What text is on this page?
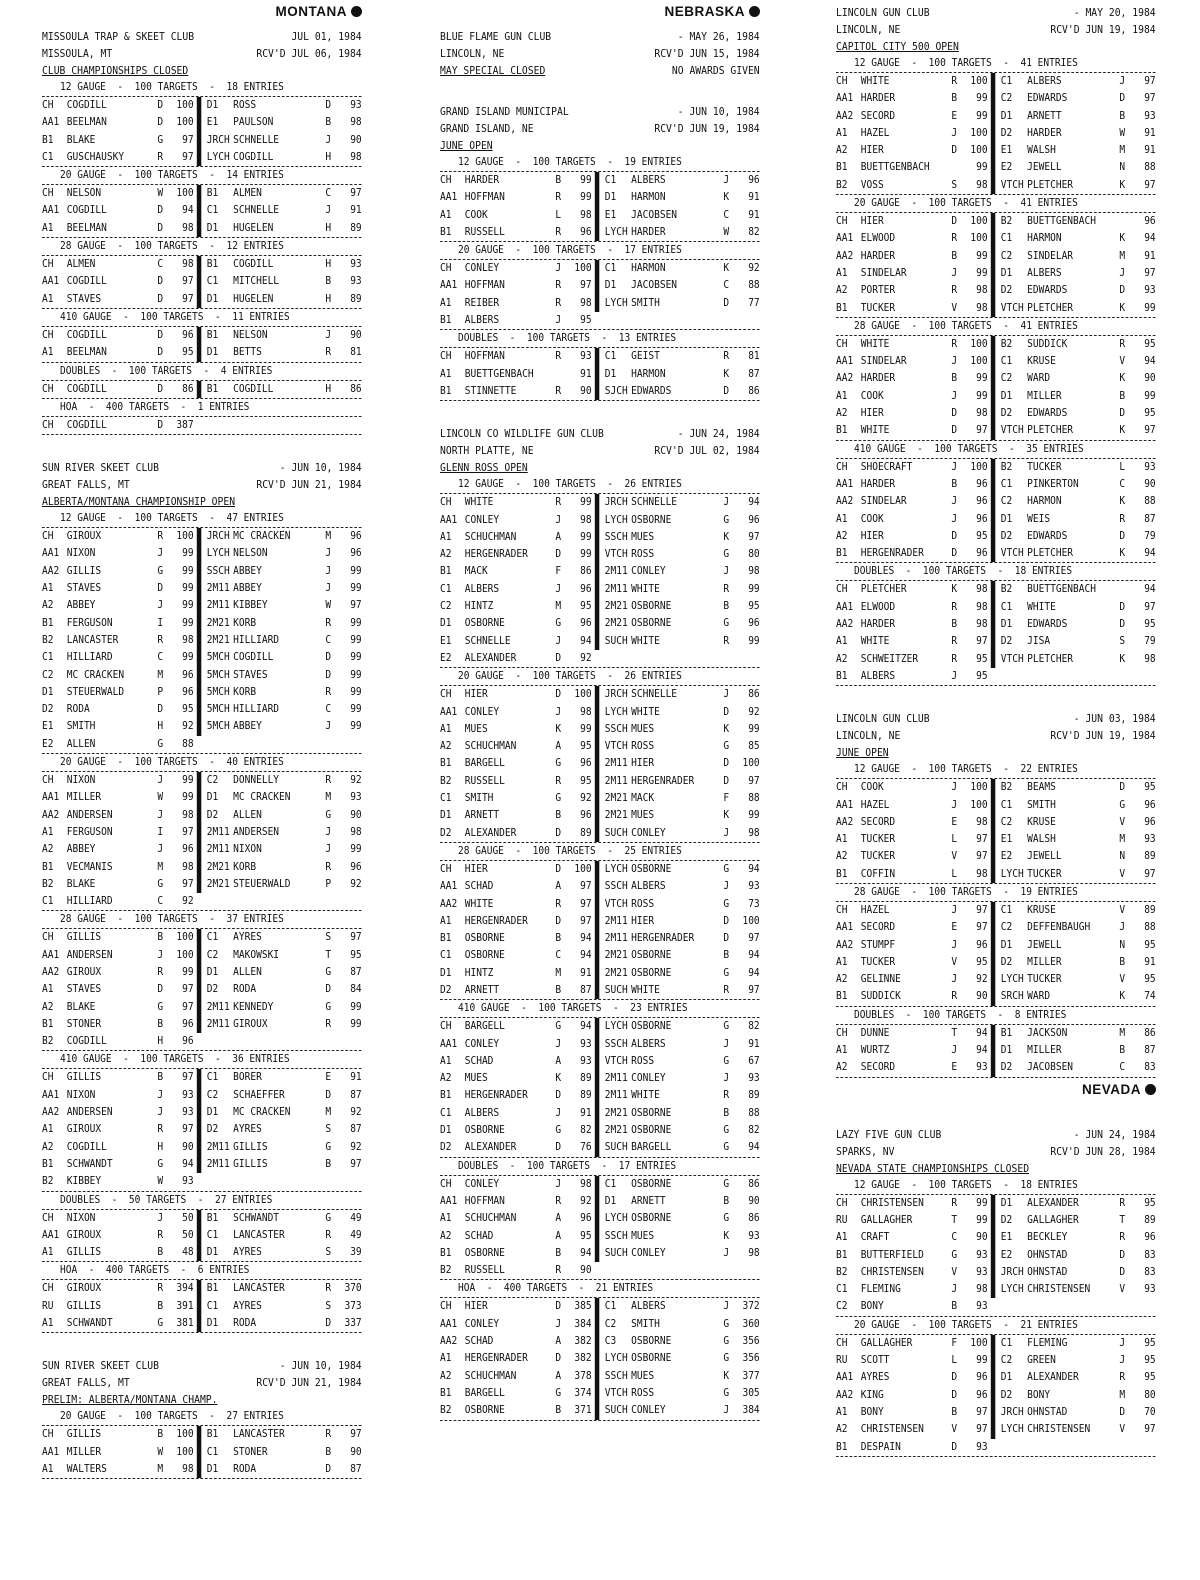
MONTANA
MISSOULA TRAP & SKEET CLUB	JUL 01, 1984
MISSOULA, MT	RCV'D JUL 06, 1984
CLUB CHAMPIONSHIPS CLOSED
12 GAUGE  -  100 TARGETS  -  18 ENTRIES
CH	COGDILL	D	100 D1	ROSS	D	93
AA1 BEELMAN	D	100 E1	PAULSON	B	98
B1	BLAKE	G	97 JRCH SCHNELLE	J	90
C1	GUSCHAUSKY	R	97 LYCH COGDILL	H	98
20 GAUGE  -  100 TARGETS  -  14 ENTRIES
CH	NELSON	W	100 B1	ALMEN	C	97
AA1 COGDILL	D	94 C1	SCHNELLE	J	91
A1	BEELMAN	D	98 D1	HUGELEN	H	89
28 GAUGE  -  100 TARGETS  -  12 ENTRIES
CH	ALMEN	C	98 B1	COGDILL	H	93
AA1 COGDILL	D	97 C1	MITCHELL	B	93
A1	STAVES	D	97 D1	HUGELEN	H	89
410 GAUGE  -  100 TARGETS  -  11 ENTRIES
CH	COGDILL	D	96 B1	NELSON	J	90
A1	BEELMAN	D	95 D1	BETTS	R	81
DOUBLES  -  100 TARGETS  -  4 ENTRIES
CH	COGDILL	D	86 B1	COGDILL	H	86
HOA  -  400 TARGETS  -  1 ENTRIES
CH	COGDILL	D	387
SUN RIVER SKEET CLUB	- JUN 10, 1984
GREAT FALLS, MT	RCV'D JUN 21, 1984
ALBERTA/MONTANA CHAMPIONSHIP OPEN
12 GAUGE  -  100 TARGETS  -  47 ENTRIES
CH	GIROUX	R	100 JRCH MC CRACKEN	M	96
AA1 NIXON	J	99 LYCH NELSON	J	96
AA2 GILLIS	G	99 SSCH ABBEY	J	99
A1	STAVES	D	99 2M11 ABBEY	J	99
A2	ABBEY	J	99 2M11 KIBBEY	W	97
B1	FERGUSON	I	99 2M21 KORB	R	99
B2	LANCASTER	R	98 2M21 HILLIARD	C	99
C1	HILLIARD	C	99 5MCH COGDILL	D	99
C2	MC CRACKEN	M	96 5MCH STAVES	D	99
D1	STEUERWALD	P	96 5MCH KORB	R	99
D2	RODA	D	95 5MCH HILLIARD	C	99
E1	SMITH	H	92 5MCH ABBEY	J	99
E2	ALLEN	G	88
20 GAUGE  -  100 TARGETS  -  40 ENTRIES
CH	NIXON	J	99 C2	DONNELLY	R	92
AA1 MILLER	W	99 D1	MC CRACKEN	M	93
AA2 ANDERSEN	J	98 D2	ALLEN	G	90
A1	FERGUSON	I	97 2M11 ANDERSEN	J	98
A2	ABBEY	J	96 2M11 NIXON	J	99
B1	VECMANIS	M	98 2M21 KORB	R	96
B2	BLAKE	G	97 2M21 STEUERWALD	P	92
C1	HILLIARD	C	92
28 GAUGE  -  100 TARGETS  -  37 ENTRIES
CH	GILLIS	B	100 C1	AYRES	S	97
AA1 ANDERSEN	J	100 C2	MAKOWSKI	T	95
AA2 GIROUX	R	99 D1	ALLEN	G	87
A1	STAVES	D	97 D2	RODA	D	84
A2	BLAKE	G	97 2M11 KENNEDY	G	99
B1	STONER	B	96 2M11 GIROUX	R	99
B2	COGDILL	H	96
410 GAUGE  -  100 TARGETS  -  36 ENTRIES
CH	GILLIS	B	97 C1	BORER	E	91
AA1 NIXON	J	93 C2	SCHAEFFER	D	87
AA2 ANDERSEN	J	93 D1	MC CRACKEN	M	92
A1	GIROUX	R	97 D2	AYRES	S	87
A2	COGDILL	H	90 2M11 GILLIS	G	92
B1	SCHWANDT	G	94 2M11 GILLIS	B	97
B2	KIBBEY	W	93
DOUBLES  -  50 TARGETS  -  27 ENTRIES
CH	NIXON	J	50 B1	SCHWANDT	G	49
AA1 GIROUX	R	50 C1	LANCASTER	R	49
A1	GILLIS	B	48 D1	AYRES	S	39
HOA  -  400 TARGETS  -  6 ENTRIES
CH	GIROUX	R	394 B1	LANCASTER	R	370
RU	GILLIS	B	391 C1	AYRES	S	373
A1	SCHWANDT	G	381 D1	RODA	D	337
SUN RIVER SKEET CLUB	- JUN 10, 1984
GREAT FALLS, MT	RCV'D JUN 21, 1984
PRELIM: ALBERTA/MONTANA CHAMP.
20 GAUGE  -  100 TARGETS  -  27 ENTRIES
CH	GILLIS	B	100 B1	LANCASTER	R	97
AA1 MILLER	W	100 C1	STONER	B	90
A1	WALTERS	M	98 D1	RODA	D	87
NEBRASKA
BLUE FLAME GUN CLUB	- MAY 26, 1984
LINCOLN, NE	RCV'D JUN 15, 1984
MAY SPECIAL CLOSED	NO AWARDS GIVEN
GRAND ISLAND MUNICIPAL	- JUN 10, 1984
GRAND ISLAND, NE	RCV'D JUN 19, 1984
JUNE OPEN
12 GAUGE  -  100 TARGETS  -  19 ENTRIES
CH	HARDER	B	99 C1	ALBERS	J	96
AA1 HOFFMAN	R	99 D1	HARMON	K	91
A1	COOK	L	98 E1	JACOBSEN	C	91
B1	RUSSELL	R	96 LYCH HARDER	W	82
20 GAUGE  -  100 TARGETS  -  17 ENTRIES
CH	CONLEY	J	100 C1	HARMON	K	92
AA1 HOFFMAN	R	97 D1	JACOBSEN	C	88
A1	REIBER	R	98 LYCH SMITH	D	77
B1	ALBERS	J	95
DOUBLES  -  100 TARGETS  -  13 ENTRIES
CH	HOFFMAN	R	93 C1	GEIST	R	81
A1	BUETTGENBACH	91 D1	HARMON	K	87
B1	STINNETTE	R	90 SJCH EDWARDS	D	86
LINCOLN CO WILDLIFE GUN CLUB	- JUN 24, 1984
NORTH PLATTE, NE	RCV'D JUL 02, 1984
GLENN ROSS OPEN
12 GAUGE  -  100 TARGETS  -  26 ENTRIES
CH	WHITE	R	99 JRCH SCHNELLE	J	94
AA1 CONLEY	J	98 LYCH OSBORNE	G	96
A1	SCHUCHMAN	A	99 SSCH MUES	K	97
A2	HERGENRADER	D	99 VTCH ROSS	G	80
B1	MACK	F	86 2M11 CONLEY	J	98
C1	ALBERS	J	96 2M11 WHITE	R	99
C2	HINTZ	M	95 2M21 OSBORNE	B	95
D1	OSBORNE	G	96 2M21 OSBORNE	G	96
E1	SCHNELLE	J	94 SUCH WHITE	R	99
E2	ALEXANDER	D	92
20 GAUGE  -  100 TARGETS  -  26 ENTRIES
CH	HIER	D	100 JRCH SCHNELLE	J	86
AA1 CONLEY	J	98 LYCH WHITE	D	92
A1	MUES	K	99 SSCH MUES	K	99
A2	SCHUCHMAN	A	95 VTCH ROSS	G	85
B1	BARGELL	G	96 2M11 HIER	D	100
B2	RUSSELL	R	95 2M11 HERGENRADER	D	97
C1	SMITH	G	92 2M21 MACK	F	88
D1	ARNETT	B	96 2M21 MUES	K	99
D2	ALEXANDER	D	89 SUCH CONLEY	J	98
28 GAUGE  -  100 TARGETS  -  25 ENTRIES
CH	HIER	D	100 LYCH OSBORNE	G	94
AA1 SCHAD	A	97 SSCH ALBERS	J	93
AA2 WHITE	R	97 VTCH ROSS	G	73
A1	HERGENRADER	D	97 2M11 HIER	D	100
B1	OSBORNE	B	94 2M11 HERGENRADER	D	97
C1	OSBORNE	C	94 2M21 OSBORNE	B	94
D1	HINTZ	M	91 2M21 OSBORNE	G	94
D2	ARNETT	B	87 SUCH WHITE	R	97
410 GAUGE  -  100 TARGETS  -  23 ENTRIES
CH	BARGELL	G	94 LYCH OSBORNE	G	82
AA1 CONLEY	J	93 SSCH ALBERS	J	91
A1	SCHAD	A	93 VTCH ROSS	G	67
A2	MUES	K	89 2M11 CONLEY	J	93
B1	HERGENRADER	D	89 2M11 WHITE	R	89
C1	ALBERS	J	91 2M21 OSBORNE	B	88
D1	OSBORNE	G	82 2M21 OSBORNE	G	82
D2	ALEXANDER	D	76 SUCH BARGELL	G	94
DOUBLES  -  100 TARGETS  -  17 ENTRIES
CH	CONLEY	J	98 C1	OSBORNE	G	86
AA1 HOFFMAN	R	92 D1	ARNETT	B	90
A1	SCHUCHMAN	A	96 LYCH OSBORNE	G	86
A2	SCHAD	A	95 SSCH MUES	K	93
B1	OSBORNE	B	94 SUCH CONLEY	J	98
B2	RUSSELL	R	90
HOA  -  400 TARGETS  -  21 ENTRIES
CH	HIER	D	385 C1	ALBERS	J	372
AA1 CONLEY	J	384 C2	SMITH	G	360
AA2 SCHAD	A	382 C3	OSBORNE	G	356
A1	HERGENRADER	D	382 LYCH OSBORNE	G	356
A2	SCHUCHMAN	A	378 SSCH MUES	K	377
B1	BARGELL	G	374 VTCH ROSS	G	305
B2	OSBORNE	B	371 SUCH CONLEY	J	384
LINCOLN GUN CLUB	- MAY 20, 1984
LINCOLN, NE	RCV'D JUN 19, 1984
CAPITOL CITY 500 OPEN
12 GAUGE  -  100 TARGETS  -  41 ENTRIES
CH	WHITE	R	100 C1	ALBERS	J	97
AA1 HARDER	B	99 C2	EDWARDS	D	97
AA2 SECORD	E	99 D1	ARNETT	B	93
A1	HAZEL	J	100 D2	HARDER	W	91
A2	HIER	D	100 E1	WALSH	M	91
B1	BUETTGENBACH	99 E2	JEWELL	N	88
B2	VOSS	S	98 VTCH PLETCHER	K	97
20 GAUGE  -  100 TARGETS  -  41 ENTRIES
CH	HIER	D	100 B2	BUETTGENBACH	96
AA1 ELWOOD	R	100 C1	HARMON	K	94
AA2 HARDER	B	99 C2	SINDELAR	M	91
A1	SINDELAR	J	99 D1	ALBERS	J	97
A2	PORTER	R	98 D2	EDWARDS	D	93
B1	TUCKER	V	98 VTCH PLETCHER	K	99
28 GAUGE  -  100 TARGETS  -  41 ENTRIES
CH	WHITE	R	100 B2	SUDDICK	R	95
AA1 SINDELAR	J	100 C1	KRUSE	V	94
AA2 HARDER	B	99 C2	WARD	K	90
A1	COOK	J	99 D1	MILLER	B	99
A2	HIER	D	98 D2	EDWARDS	D	95
B1	WHITE	D	97 VTCH PLETCHER	K	97
410 GAUGE  -  100 TARGETS  -  35 ENTRIES
CH	SHOECRAFT	J	100 B2	TUCKER	L	93
AA1 HARDER	B	96 C1	PINKERTON	C	90
AA2 SINDELAR	J	96 C2	HARMON	K	88
A1	COOK	J	96 D1	WEIS	R	87
A2	HIER	D	95 D2	EDWARDS	D	79
B1	HERGENRADER	D	96 VTCH PLETCHER	K	94
DOUBLES  -  100 TARGETS  -  18 ENTRIES
CH	PLETCHER	K	98 B2	BUETTGENBACH	94
AA1 ELWOOD	R	98 C1	WHITE	D	97
AA2 HARDER	B	98 D1	EDWARDS	D	95
A1	WHITE	R	97 D2	JISA	S	79
A2	SCHWEITZER	R	95 VTCH PLETCHER	K	98
B1	ALBERS	J	95
LINCOLN GUN CLUB	- JUN 03, 1984
LINCOLN, NE	RCV'D JUN 19, 1984
JUNE OPEN
12 GAUGE  -  100 TARGETS  -  22 ENTRIES
CH	COOK	J	100 B2	BEAMS	D	95
AA1 HAZEL	J	100 C1	SMITH	G	96
AA2 SECORD	E	98 C2	KRUSE	V	96
A1	TUCKER	L	97 E1	WALSH	M	93
A2	TUCKER	V	97 E2	JEWELL	N	89
B1	COFFIN	L	98 LYCH TUCKER	V	97
28 GAUGE  -  100 TARGETS  -  19 ENTRIES
CH	HAZEL	J	97 C1	KRUSE	V	89
AA1 SECORD	E	97 C2	DEFFENBAUGH	J	88
AA2 STUMPF	J	96 D1	JEWELL	N	95
A1	TUCKER	V	95 D2	MILLER	B	91
A2	GELINNE	J	92 LYCH TUCKER	V	95
B1	SUDDICK	R	90 SRCH WARD	K	74
DOUBLES  -  100 TARGETS  -  8 ENTRIES
CH	DUNNE	T	94 B1	JACKSON	M	86
A1	WURTZ	J	94 D1	MILLER	B	87
A2	SECORD	E	93 D2	JACOBSEN	C	83
NEVADA
LAZY FIVE GUN CLUB	- JUN 24, 1984
SPARKS, NV	RCV'D JUN 28, 1984
NEVADA STATE CHAMPIONSHIPS CLOSED
12 GAUGE  -  100 TARGETS  -  18 ENTRIES
CH	CHRISTENSEN	R	99 D1	ALEXANDER	R	95
RU	GALLAGHER	T	99 D2	GALLAGHER	T	89
A1	CRAFT	C	90 E1	BECKLEY	R	96
B1	BUTTERFIELD	G	93 E2	OHNSTAD	D	83
B2	CHRISTENSEN	V	93 JRCH OHNSTAD	D	83
C1	FLEMING	J	98 LYCH CHRISTENSEN	V	93
C2	BONY	B	93
20 GAUGE  -  100 TARGETS  -  21 ENTRIES
CH	GALLAGHER	F	100 C1	FLEMING	J	95
RU	SCOTT	L	99 C2	GREEN	J	95
AA1 AYRES	D	96 D1	ALEXANDER	R	95
AA2 KING	D	96 D2	BONY	M	80
A1	BONY	B	97 JRCH OHNSTAD	D	70
A2	CHRISTENSEN	V	97 LYCH CHRISTENSEN	V	97
B1	DESPAIN	D	93
